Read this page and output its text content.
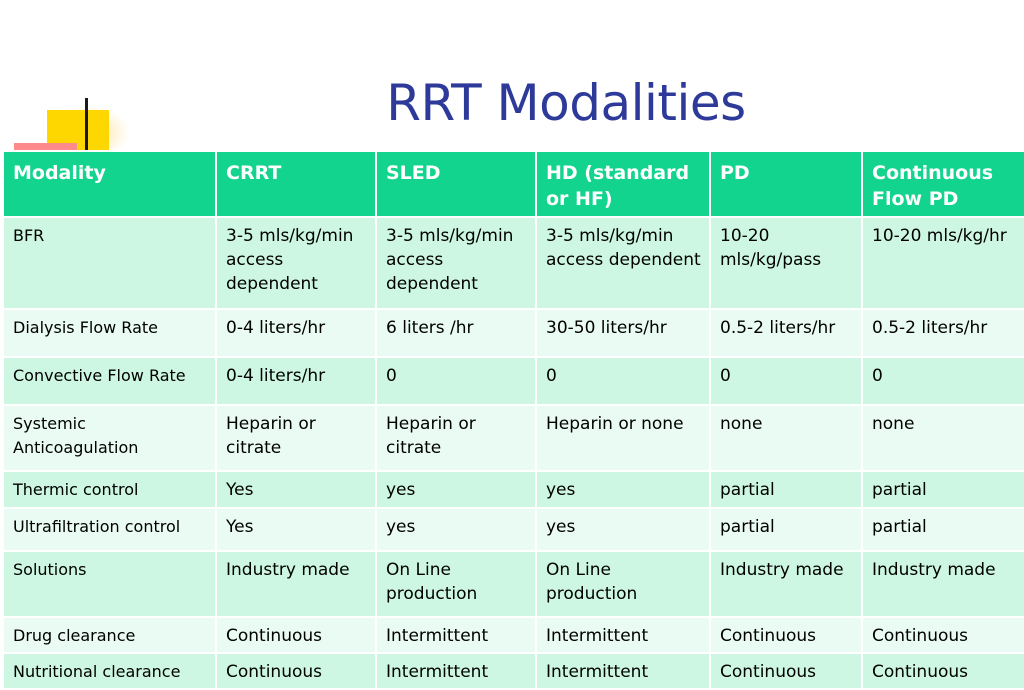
RRT Modalities
Modality	CRRT	SLED	HD (standard or HF)	PD	Continuous Flow PD
BFR	3-5 mls/kg/min access dependent	3-5 mls/kg/min access dependent	3-5 mls/kg/min access dependent	10-20 mls/kg/pass	10-20 mls/kg/hr
Dialysis Flow Rate	0-4 liters/hr	6 liters /hr	30-50 liters/hr	0.5-2 liters/hr	0.5-2 liters/hr
Convective Flow Rate	0-4 liters/hr	0	0	0	0
Systemic Anticoagulation	Heparin or citrate	Heparin or citrate	Heparin or none	none	none
Thermic control	Yes	yes	yes	partial	partial
Ultrafiltration control	Yes	yes	yes	partial	partial
Solutions	Industry made	On Line production	On Line production	Industry made	Industry made
Drug clearance	Continuous	Intermittent	Intermittent	Continuous	Continuous
Nutritional clearance	Continuous	Intermittent	Intermittent	Continuous	Continuous
